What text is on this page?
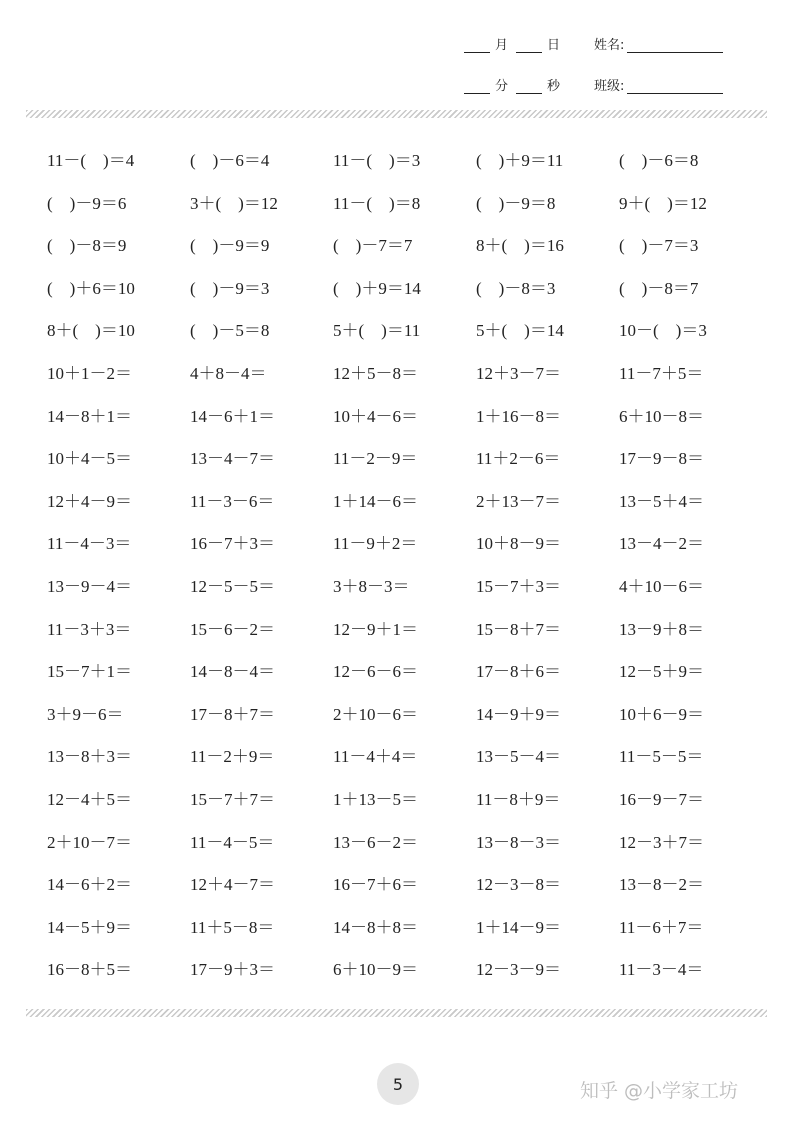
月	日	姓名:
分	秒	班级:
11－(　)＝4	(　)－6＝4	11－(　)＝3	(　)＋9＝11	(　)－6＝8
(　)－9＝6	3＋(　)＝12	11－(　)＝8	(　)－9＝8	9＋(　)＝12
(　)－8＝9	(　)－9＝9	(　)－7＝7	8＋(　)＝16	(　)－7＝3
(　)＋6＝10	(　)－9＝3	(　)＋9＝14	(　)－8＝3	(　)－8＝7
8＋(　)＝10	(　)－5＝8	5＋(　)＝11	5＋(　)＝14	10－(　)＝3
10＋1－2＝	4＋8－4＝	12＋5－8＝	12＋3－7＝	11－7＋5＝
14－8＋1＝	14－6＋1＝	10＋4－6＝	1＋16－8＝	6＋10－8＝
10＋4－5＝	13－4－7＝	11－2－9＝	11＋2－6＝	17－9－8＝
12＋4－9＝	11－3－6＝	1＋14－6＝	2＋13－7＝	13－5＋4＝
11－4－3＝	16－7＋3＝	11－9＋2＝	10＋8－9＝	13－4－2＝
13－9－4＝	12－5－5＝	3＋8－3＝	15－7＋3＝	4＋10－6＝
11－3＋3＝	15－6－2＝	12－9＋1＝	15－8＋7＝	13－9＋8＝
15－7＋1＝	14－8－4＝	12－6－6＝	17－8＋6＝	12－5＋9＝
3＋9－6＝	17－8＋7＝	2＋10－6＝	14－9＋9＝	10＋6－9＝
13－8＋3＝	11－2＋9＝	11－4＋4＝	13－5－4＝	11－5－5＝
12－4＋5＝	15－7＋7＝	1＋13－5＝	11－8＋9＝	16－9－7＝
2＋10－7＝	11－4－5＝	13－6－2＝	13－8－3＝	12－3＋7＝
14－6＋2＝	12＋4－7＝	16－7＋6＝	12－3－8＝	13－8－2＝
14－5＋9＝	11＋5－8＝	14－8＋8＝	1＋14－9＝	11－6＋7＝
16－8＋5＝	17－9＋3＝	6＋10－9＝	12－3－9＝	11－3－4＝
5	知乎 @小学家工坊
